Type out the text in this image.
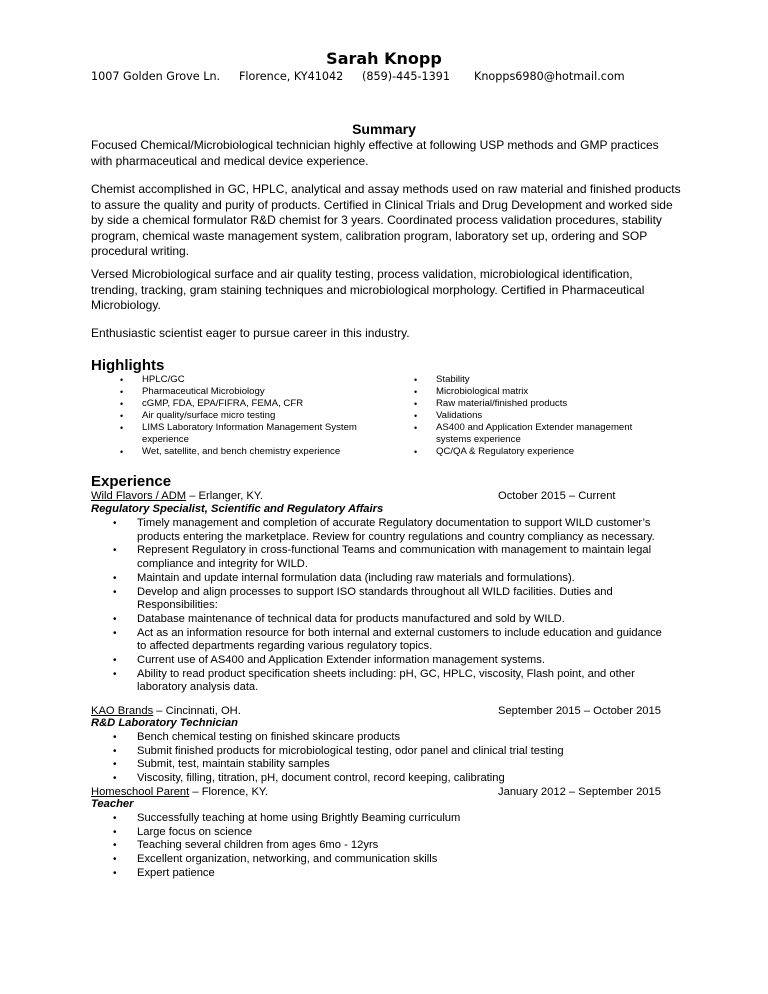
Sarah Knopp
1007 Golden Grove Ln. Florence, KY41042 (859)-445-1391 Knopps6980@hotmail.com
Summary
Focused Chemical/Microbiological technician highly effective at following USP methods and GMP practices with pharmaceutical and medical device experience.
Chemist accomplished in GC, HPLC, analytical and assay methods used on raw material and finished products to assure the quality and purity of products. Certified in Clinical Trials and Drug Development and worked side by side a chemical formulator R&D chemist for 3 years. Coordinated process validation procedures, stability program, chemical waste management system, calibration program, laboratory set up, ordering and SOP procedural writing.
Versed Microbiological surface and air quality testing, process validation, microbiological identification, trending, tracking, gram staining techniques and microbiological morphology. Certified in Pharmaceutical Microbiology.
Enthusiastic scientist eager to pursue career in this industry.
Highlights
• HPLC/GC
• Pharmaceutical Microbiology
• cGMP, FDA, EPA/FIFRA, FEMA, CFR
• Air quality/surface micro testing
• LIMS Laboratory Information Management System experience
• Wet, satellite, and bench chemistry experience
• Stability
• Microbiological matrix
• Raw material/finished products
• Validations
• AS400 and Application Extender management systems experience
• QC/QA & Regulatory experience
Experience
Wild Flavors / ADM – Erlanger, KY.	October 2015 – Current
Regulatory Specialist, Scientific and Regulatory Affairs
• Timely management and completion of accurate Regulatory documentation to support WILD customer’s products entering the marketplace. Review for country regulations and country compliancy as necessary.
• Represent Regulatory in cross-functional Teams and communication with management to maintain legal compliance and integrity for WILD.
• Maintain and update internal formulation data (including raw materials and formulations).
• Develop and align processes to support ISO standards throughout all WILD facilities. Duties and Responsibilities:
• Database maintenance of technical data for products manufactured and sold by WILD.
• Act as an information resource for both internal and external customers to include education and guidance to affected departments regarding various regulatory topics.
• Current use of AS400 and Application Extender information management systems.
• Ability to read product specification sheets including: pH, GC, HPLC, viscosity, Flash point, and other laboratory analysis data.
KAO Brands – Cincinnati, OH.	September 2015 – October 2015
R&D Laboratory Technician
• Bench chemical testing on finished skincare products
• Submit finished products for microbiological testing, odor panel and clinical trial testing
• Submit, test, maintain stability samples
• Viscosity, filling, titration, pH, document control, record keeping, calibrating
Homeschool Parent – Florence, KY.	January 2012 – September 2015
Teacher
• Successfully teaching at home using Brightly Beaming curriculum
• Large focus on science
• Teaching several children from ages 6mo - 12yrs
• Excellent organization, networking, and communication skills
• Expert patience
